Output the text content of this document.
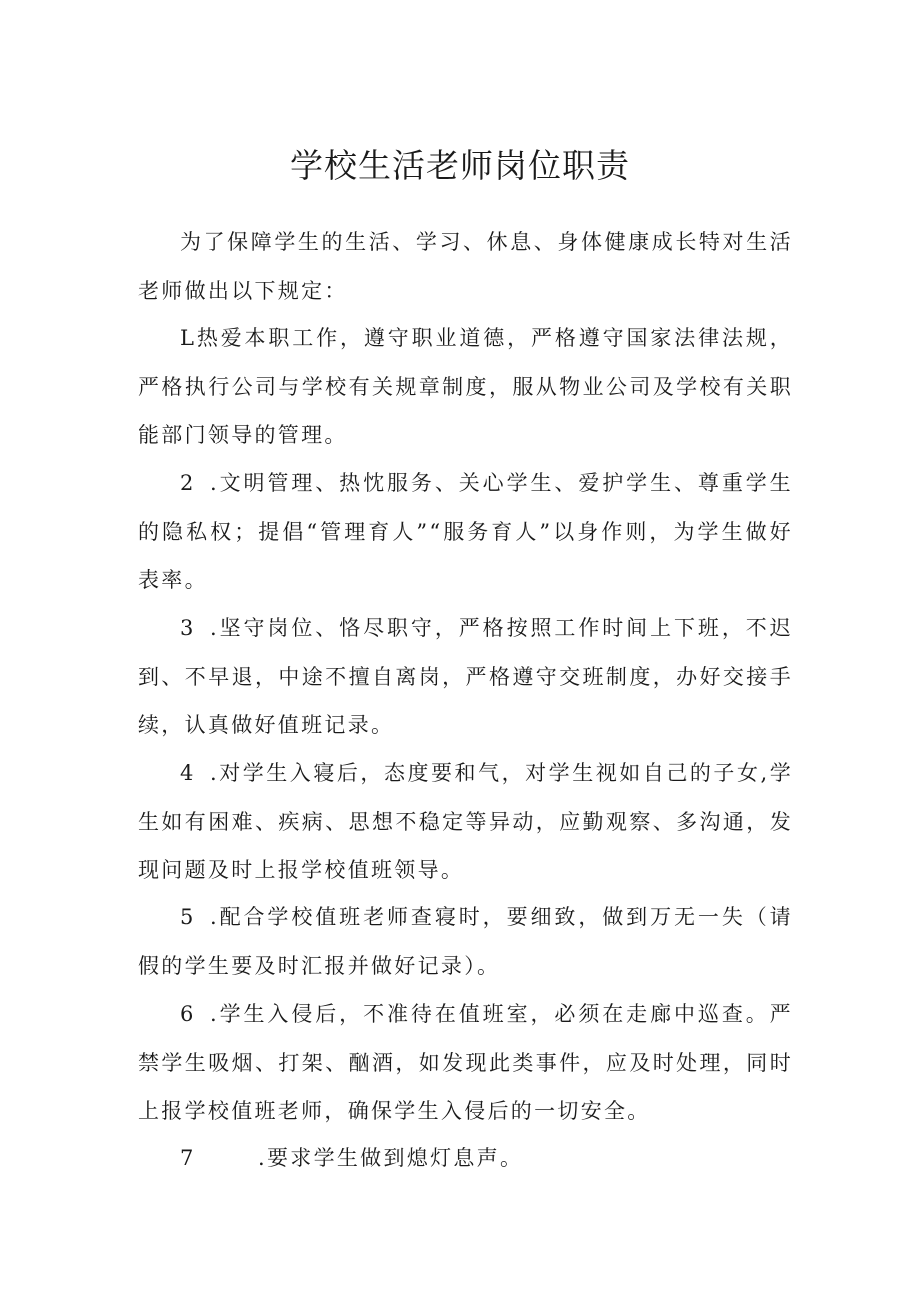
学校生活老师岗位职责

为了保障学生的生活、学习、休息、身体健康成长特对生活老师做出以下规定：

L热爱本职工作，遵守职业道德，严格遵守国家法律法规，严格执行公司与学校有关规章制度，服从物业公司及学校有关职能部门领导的管理。

2 .文明管理、热忱服务、关心学生、爱护学生、尊重学生的隐私权；提倡“管理育人”“服务育人”以身作则，为学生做好表率。

3 .坚守岗位、恪尽职守，严格按照工作时间上下班，不迟到、不早退，中途不擅自离岗，严格遵守交班制度，办好交接手续，认真做好值班记录。

4 .对学生入寝后，态度要和气，对学生视如自己的子女,学生如有困难、疾病、思想不稳定等异动，应勤观察、多沟通，发现问题及时上报学校值班领导。

5 .配合学校值班老师查寝时，要细致，做到万无一失（请假的学生要及时汇报并做好记录）。

6 .学生入侵后，不准待在值班室，必须在走廊中巡查。严禁学生吸烟、打架、酗酒，如发现此类事件，应及时处理，同时上报学校值班老师，确保学生入侵后的一切安全。

7	.要求学生做到熄灯息声。
